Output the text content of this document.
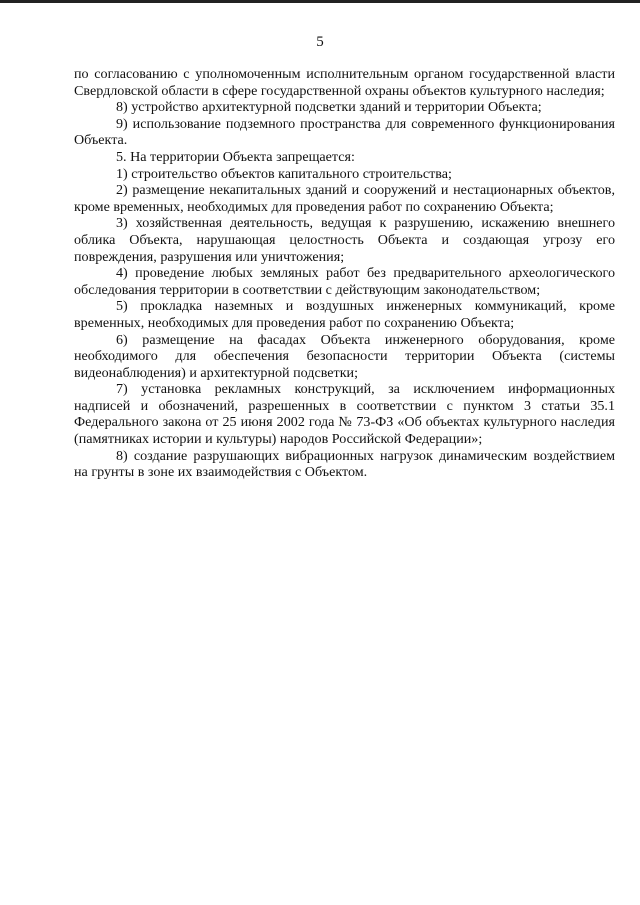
5

по согласованию с уполномоченным исполнительным органом государственной власти Свердловской области в сфере государственной охраны объектов культурного наследия;

8) устройство архитектурной подсветки зданий и территории Объекта;

9) использование подземного пространства для современного функционирования Объекта.

5. На территории Объекта запрещается:

1) строительство объектов капитального строительства;

2) размещение некапитальных зданий и сооружений и нестационарных объектов, кроме временных, необходимых для проведения работ по сохранению Объекта;

3) хозяйственная деятельность, ведущая к разрушению, искажению внешнего облика Объекта, нарушающая целостность Объекта и создающая угрозу его повреждения, разрушения или уничтожения;

4) проведение любых земляных работ без предварительного археологического обследования территории в соответствии с действующим законодательством;

5) прокладка наземных и воздушных инженерных коммуникаций, кроме временных, необходимых для проведения работ по сохранению Объекта;

6) размещение на фасадах Объекта инженерного оборудования, кроме необходимого для обеспечения безопасности территории Объекта (системы видеонаблюдения) и архитектурной подсветки;

7) установка рекламных конструкций, за исключением информационных надписей и обозначений, разрешенных в соответствии с пунктом 3 статьи 35.1 Федерального закона от 25 июня 2002 года № 73-ФЗ «Об объектах культурного наследия (памятниках истории и культуры) народов Российской Федерации»;

8) создание разрушающих вибрационных нагрузок динамическим воздействием на грунты в зоне их взаимодействия с Объектом.
